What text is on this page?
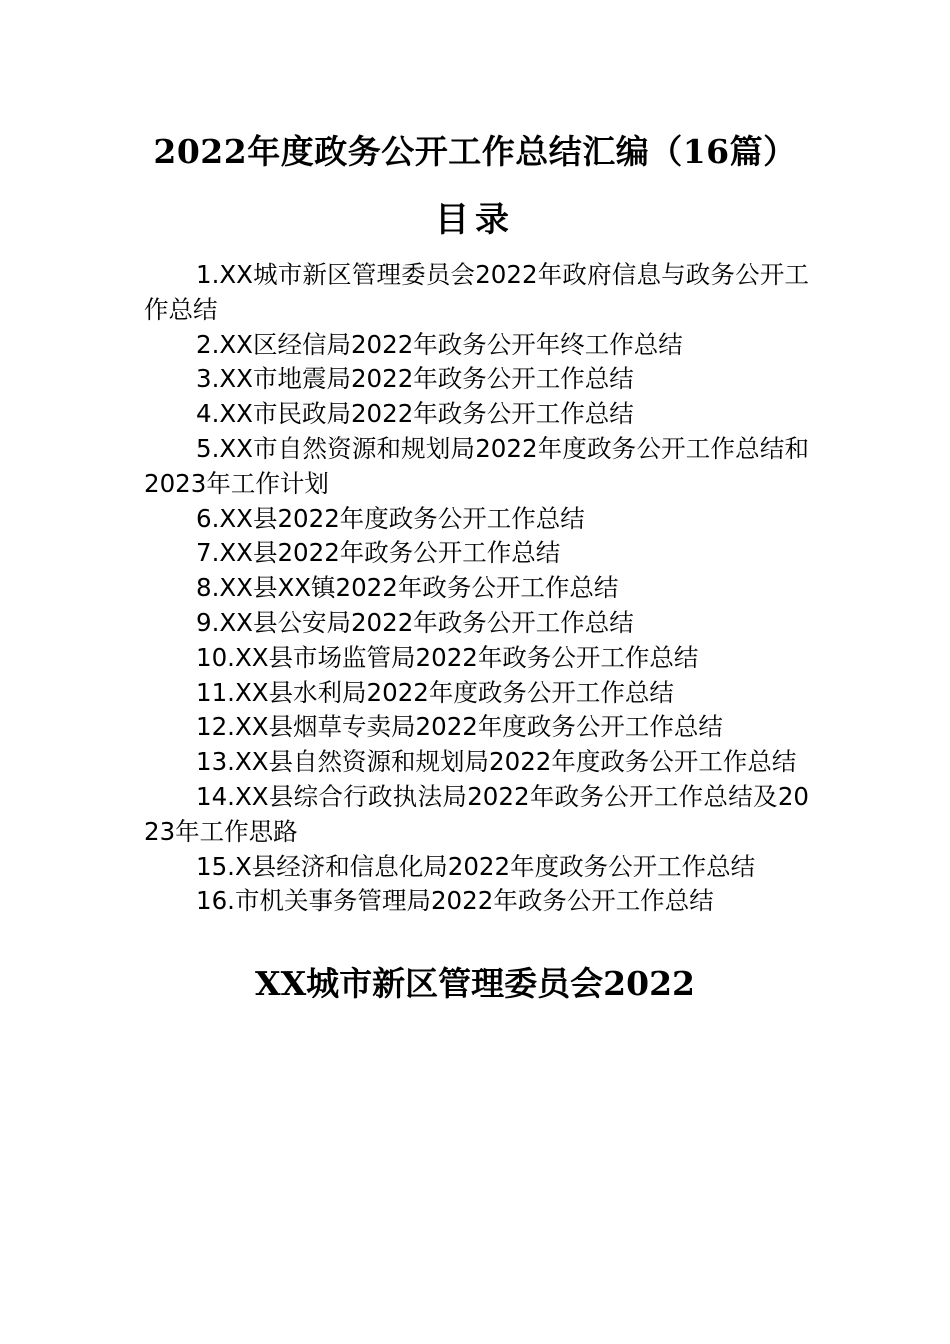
2022年度政务公开工作总结汇编（16篇）
目录
1.XX城市新区管理委员会2022年政府信息与政务公开工作总结
2.XX区经信局2022年政务公开年终工作总结
3.XX市地震局2022年政务公开工作总结
4.XX市民政局2022年政务公开工作总结
5.XX市自然资源和规划局2022年度政务公开工作总结和2023年工作计划
6.XX县2022年度政务公开工作总结
7.XX县2022年政务公开工作总结
8.XX县XX镇2022年政务公开工作总结
9.XX县公安局2022年政务公开工作总结
10.XX县市场监管局2022年政务公开工作总结
11.XX县水利局2022年度政务公开工作总结
12.XX县烟草专卖局2022年度政务公开工作总结
13.XX县自然资源和规划局2022年度政务公开工作总结
14.XX县综合行政执法局2022年政务公开工作总结及2023年工作思路
15.X县经济和信息化局2022年度政务公开工作总结
16.市机关事务管理局2022年政务公开工作总结
XX城市新区管理委员会2022
